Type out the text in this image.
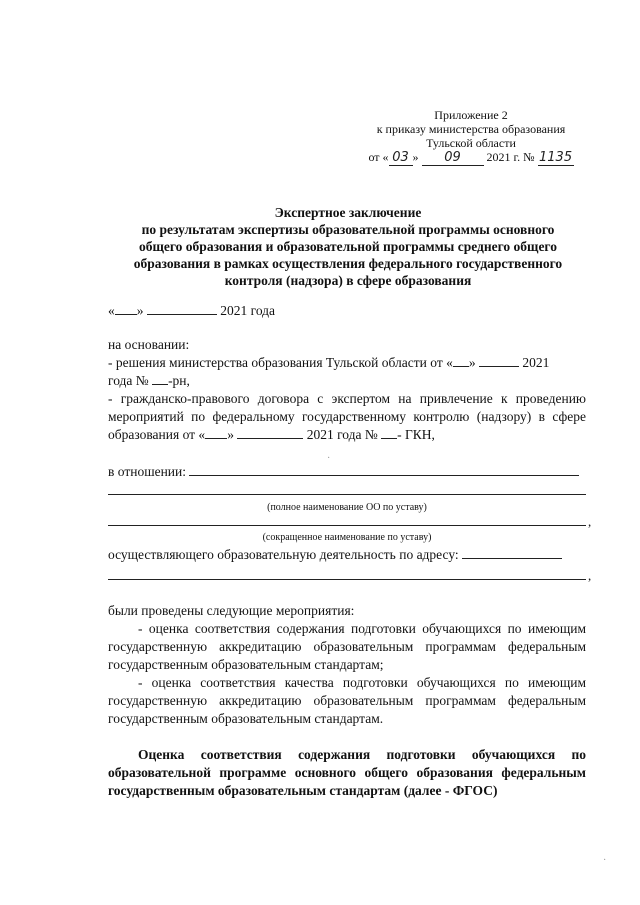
Приложение 2
к приказу министерства образования
Тульской области
от « 03 » 09 2021 г. № 1135
Экспертное заключение
по результатам экспертизы образовательной программы основного
общего образования и образовательной программы среднего общего
образования в рамках осуществления федерального государственного
контроля (надзора) в сфере образования
« »	2021 года
на основании:
- решения министерства образования Тульской области от « »	2021
года № -рн,
- гражданско-правового договора с экспертом на привлечение к проведению мероприятий по федеральному государственному контролю (надзору) в сфере образования от « »	2021 года № - ГКН,
в отношении:
(полное наименование ОО по уставу)
,
(сокращенное наименование по уставу)
осуществляющего образовательную деятельность по адресу:
,
были проведены следующие мероприятия:
- оценка соответствия содержания подготовки обучающихся по имеющим государственную аккредитацию образовательным программам федеральным государственным образовательным стандартам;
- оценка соответствия качества подготовки обучающихся по имеющим государственную аккредитацию образовательным программам федеральным государственным образовательным стандартам.
Оценка соответствия содержания подготовки обучающихся по образовательной программе основного общего образования федеральным государственным образовательным стандартам (далее - ФГОС)
·
·
